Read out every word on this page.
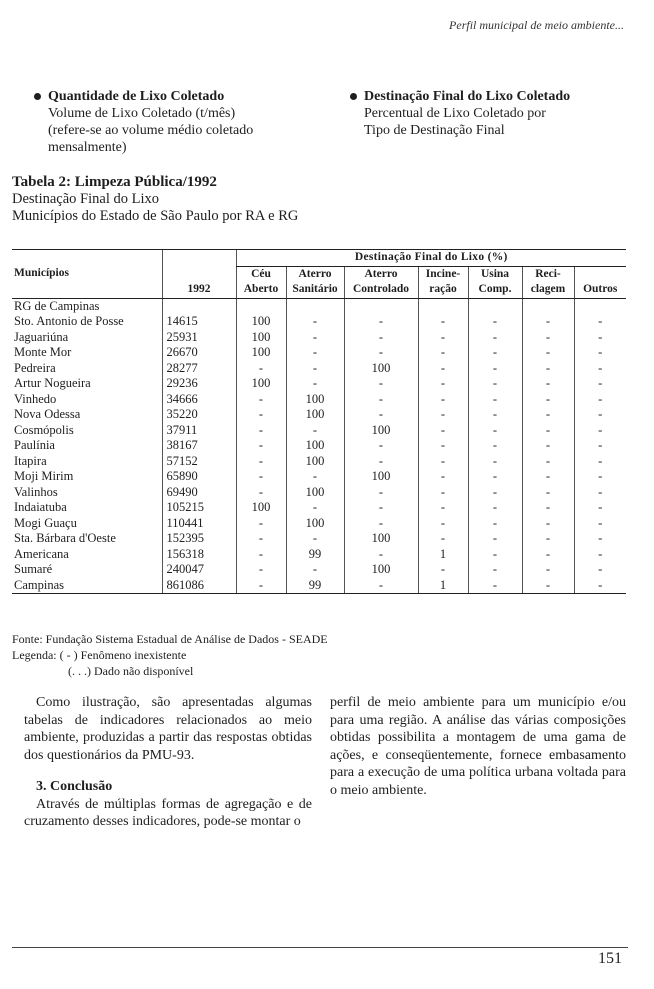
Perfil municipal de meio ambiente...
Quantidade de Lixo Coletado
Volume de Lixo Coletado (t/mês)
(refere-se ao volume médio coletado
mensalmente)
Destinação Final do Lixo Coletado
Percentual de Lixo Coletado por
Tipo de Destinação Final
Tabela 2: Limpeza Pública/1992
Destinação Final do Lixo
Municípios do Estado de São Paulo por RA e RG
		Destinação Final do Lixo (%)						
Municípios		Céu	Aterro	Aterro	Incine-	Usina	Reci-	
	1992	Aberto	Sanitário	Controlado	ração	Comp.	clagem	Outros
RG de Campinas								
Sto. Antonio de Posse	14615	100	-	-	-	-	-	-
Jaguariúna	25931	100	-	-	-	-	-	-
Monte Mor	26670	100	-	-	-	-	-	-
Pedreira	28277	-	-	100	-	-	-	-
Artur Nogueira	29236	100	-	-	-	-	-	-
Vinhedo	34666	-	100	-	-	-	-	-
Nova Odessa	35220	-	100	-	-	-	-	-
Cosmópolis	37911	-	-	100	-	-	-	-
Paulínia	38167	-	100	-	-	-	-	-
Itapira	57152	-	100	-	-	-	-	-
Moji Mirim	65890	-	-	100	-	-	-	-
Valinhos	69490	-	100	-	-	-	-	-
Indaiatuba	105215	100	-	-	-	-	-	-
Mogi Guaçu	110441	-	100	-	-	-	-	-
Sta. Bárbara d'Oeste	152395	-	-	100	-	-	-	-
Americana	156318	-	99	-	1	-	-	-
Sumaré	240047	-	-	100	-	-	-	-
Campinas	861086	-	99	-	1	-	-	-
Fonte: Fundação Sistema Estadual de Análise de Dados - SEADE
Legenda: ( - ) Fenômeno inexistente
(. . .) Dado não disponível

Como ilustração, são apresentadas algumas tabelas de indicadores relacionados ao meio ambiente, produzidas a partir das respostas obtidas dos questionários da PMU-93.

3. Conclusão

Através de múltiplas formas de agregação e de cruzamento desses indicadores, pode-se montar o

perfil de meio ambiente para um município e/ou para uma região. A análise das várias composições obtidas possibilita a montagem de uma gama de ações, e conseqüentemente, fornece embasamento para a execução de uma política urbana voltada para o meio ambiente.

151
